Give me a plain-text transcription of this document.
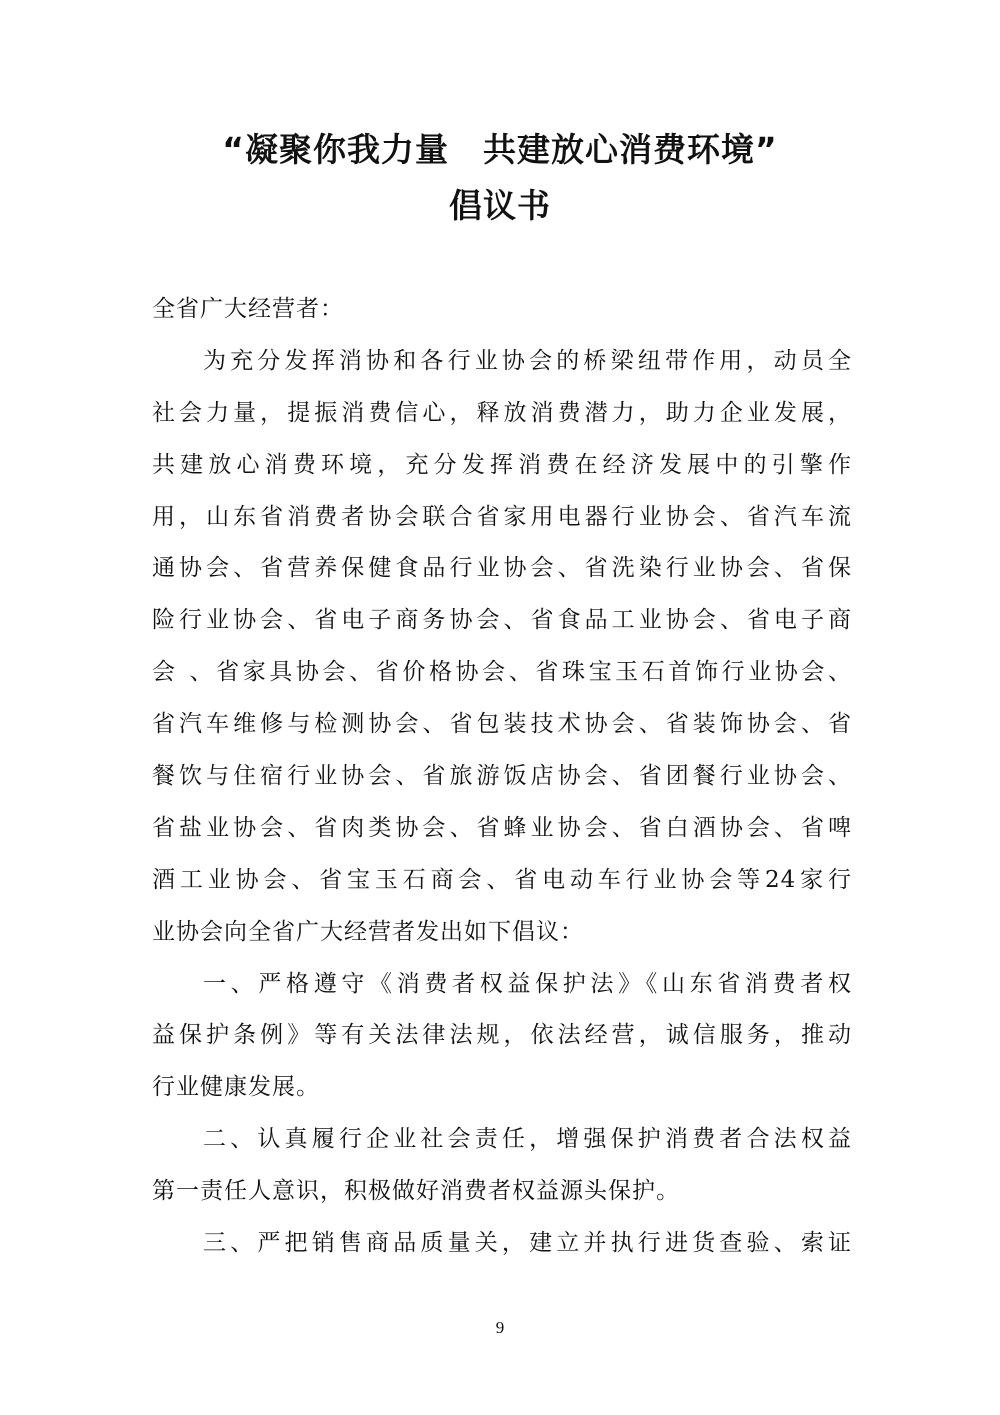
“凝聚你我力量　共建放心消费环境”
倡议书
全省广大经营者：
为充分发挥消协和各行业协会的桥梁纽带作用，动员全
社会力量，提振消费信心，释放消费潜力，助力企业发展，
共建放心消费环境，充分发挥消费在经济发展中的引擎作
用，山东省消费者协会联合省家用电器行业协会、省汽车流
通协会、省营养保健食品行业协会、省洗染行业协会、省保
险行业协会、省电子商务协会、省食品工业协会、省电子商
会 、省家具协会、省价格协会、省珠宝玉石首饰行业协会、
省汽车维修与检测协会、省包装技术协会、省装饰协会、省
餐饮与住宿行业协会、省旅游饭店协会、省团餐行业协会、
省盐业协会、省肉类协会、省蜂业协会、省白酒协会、省啤
酒工业协会、省宝玉石商会、省电动车行业协会等24家行
业协会向全省广大经营者发出如下倡议：
一、严格遵守《消费者权益保护法》《山东省消费者权
益保护条例》等有关法律法规，依法经营，诚信服务，推动
行业健康发展。
二、认真履行企业社会责任，增强保护消费者合法权益
第一责任人意识，积极做好消费者权益源头保护。
三、严把销售商品质量关，建立并执行进货查验、索证
9
